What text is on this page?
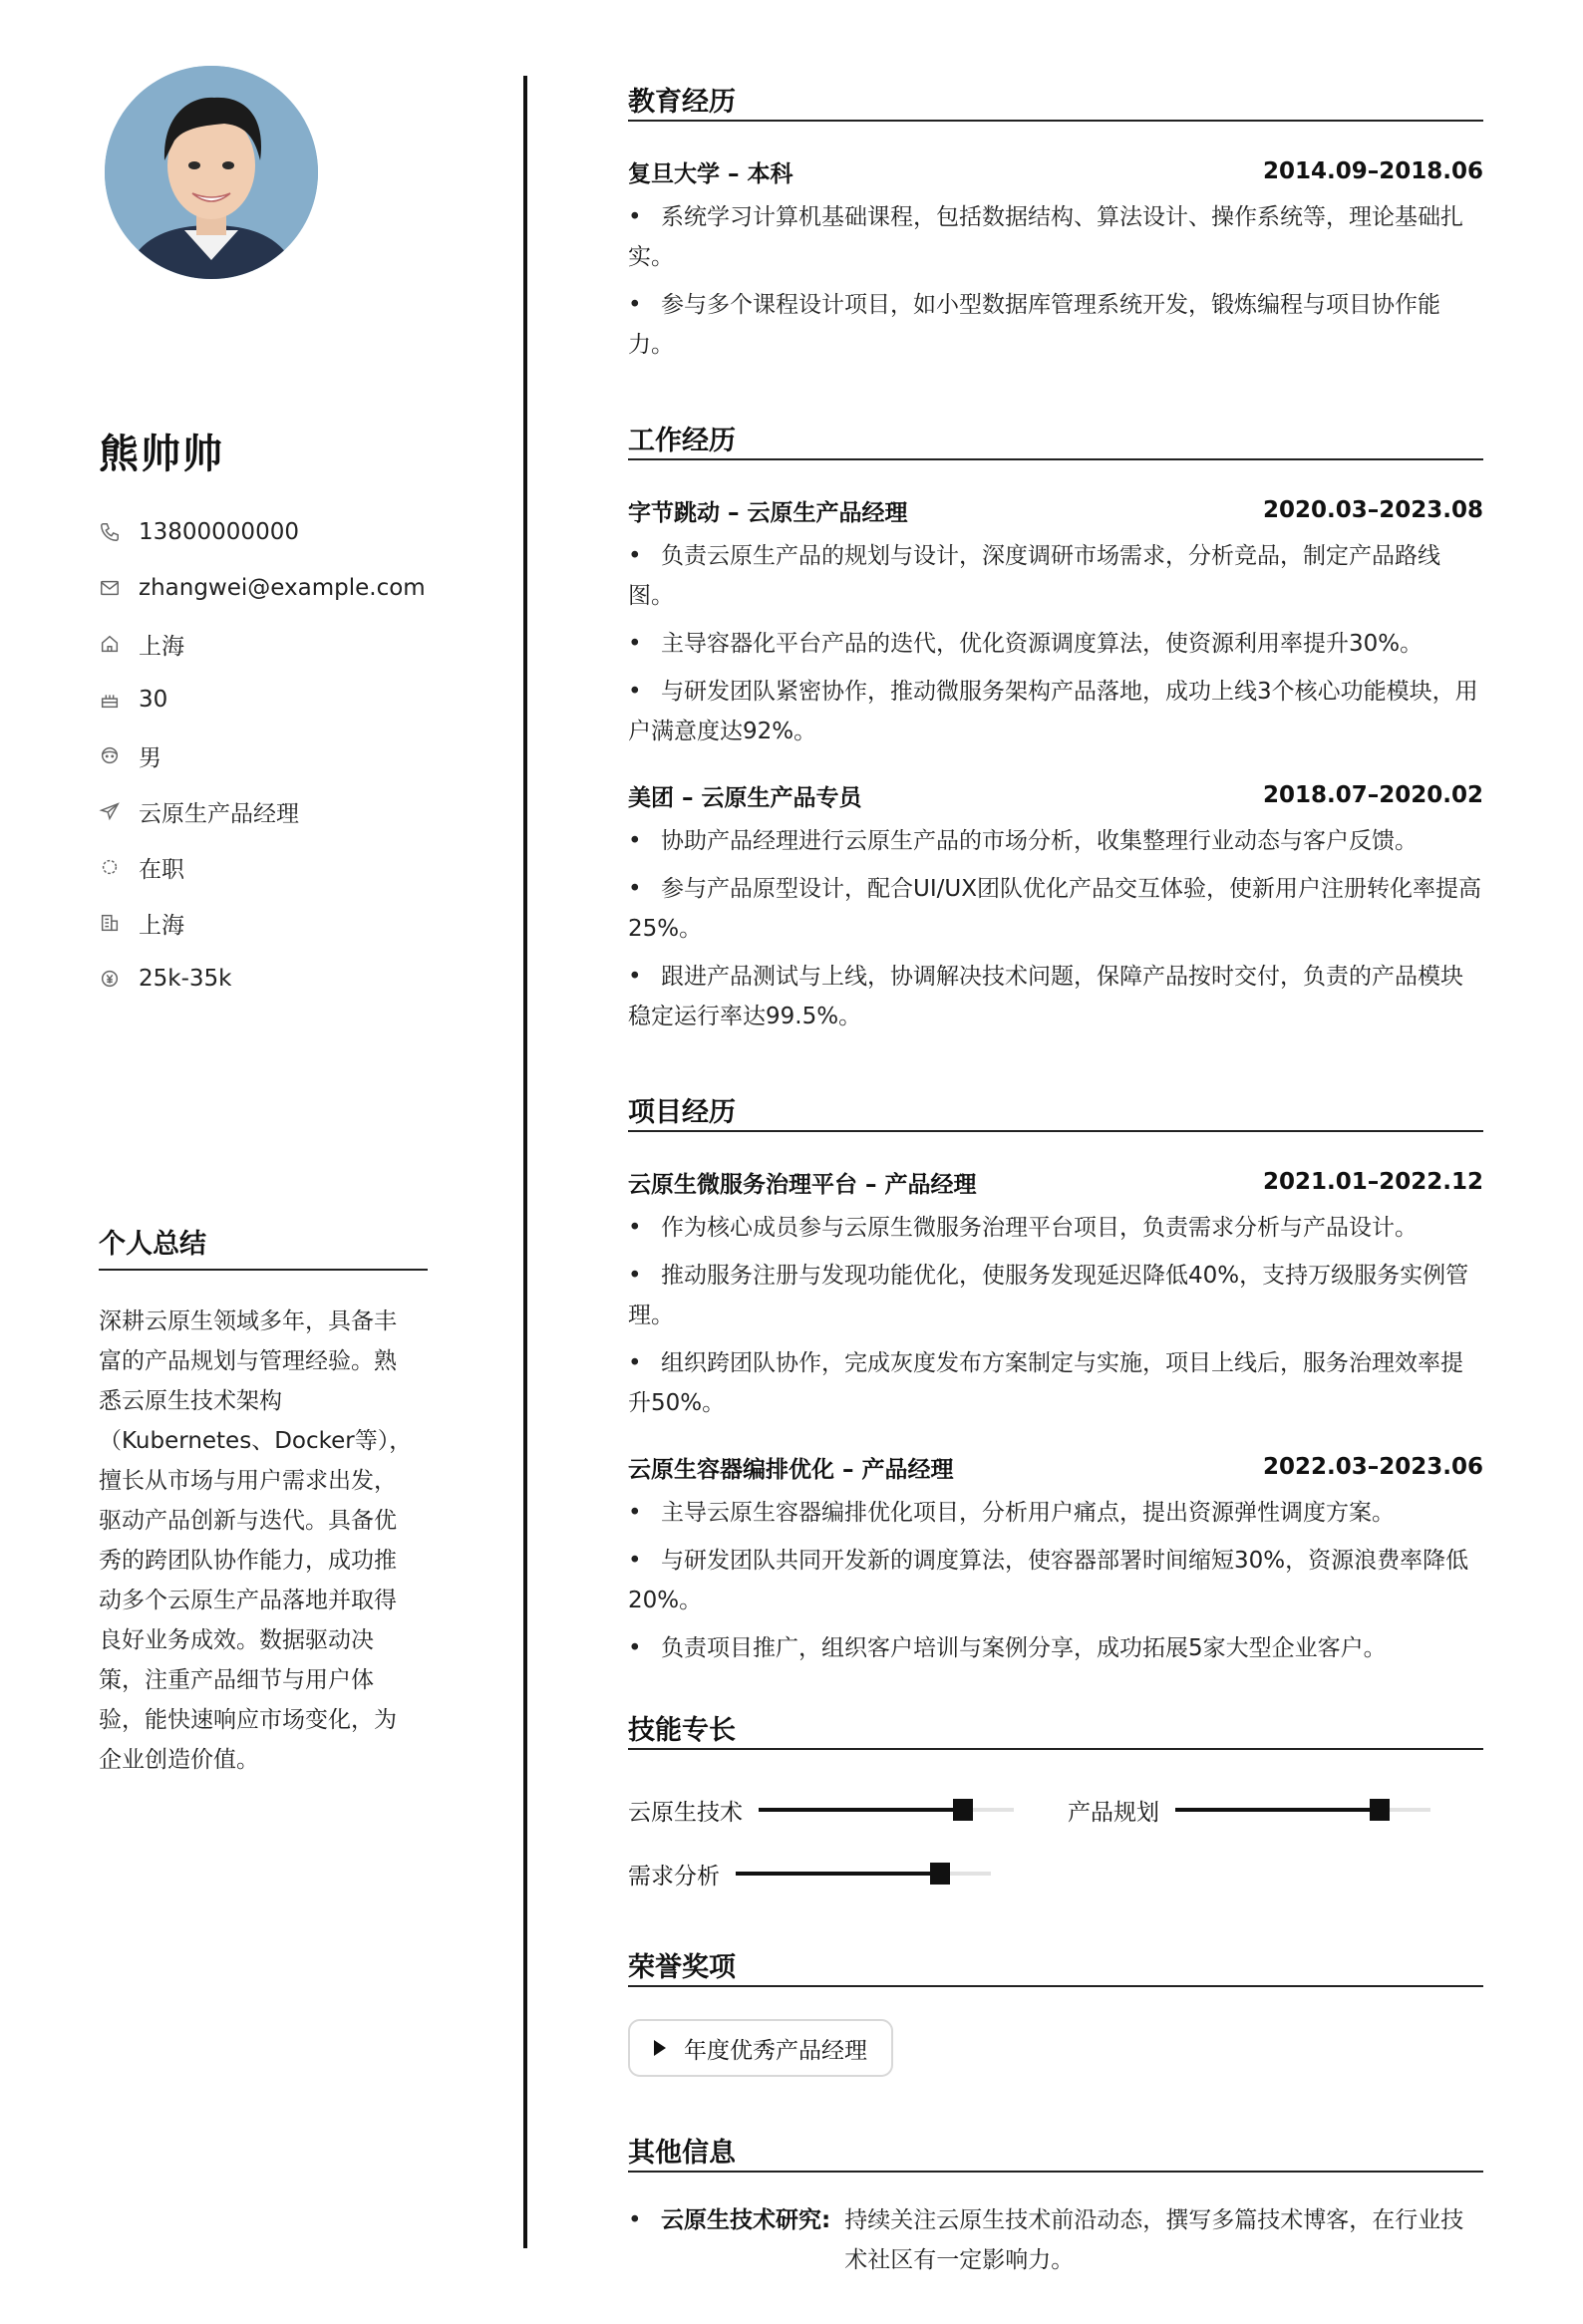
熊帅帅
13800000000
zhangwei@example.com
上海
30
男
云原生产品经理
在职
上海
25k-35k
个人总结
深耕云原生领域多年，具备丰富的产品规划与管理经验。熟悉云原生技术架构（Kubernetes、Docker等），擅长从市场与用户需求出发，驱动产品创新与迭代。具备优秀的跨团队协作能力，成功推动多个云原生产品落地并取得良好业务成效。数据驱动决策，注重产品细节与用户体验，能快速响应市场变化，为企业创造价值。
教育经历
复旦大学 – 本科	2014.09–2018.06
• 系统学习计算机基础课程，包括数据结构、算法设计、操作系统等，理论基础扎实。
• 参与多个课程设计项目，如小型数据库管理系统开发，锻炼编程与项目协作能力。
工作经历
字节跳动 – 云原生产品经理	2020.03–2023.08
• 负责云原生产品的规划与设计，深度调研市场需求，分析竞品，制定产品路线图。
• 主导容器化平台产品的迭代，优化资源调度算法，使资源利用率提升30%。
• 与研发团队紧密协作，推动微服务架构产品落地，成功上线3个核心功能模块，用户满意度达92%。
美团 – 云原生产品专员	2018.07–2020.02
• 协助产品经理进行云原生产品的市场分析，收集整理行业动态与客户反馈。
• 参与产品原型设计，配合UI/UX团队优化产品交互体验，使新用户注册转化率提高25%。
• 跟进产品测试与上线，协调解决技术问题，保障产品按时交付，负责的产品模块稳定运行率达99.5%。
项目经历
云原生微服务治理平台 – 产品经理	2021.01–2022.12
• 作为核心成员参与云原生微服务治理平台项目，负责需求分析与产品设计。
• 推动服务注册与发现功能优化，使服务发现延迟降低40%，支持万级服务实例管理。
• 组织跨团队协作，完成灰度发布方案制定与实施，项目上线后，服务治理效率提升50%。
云原生容器编排优化 – 产品经理	2022.03–2023.06
• 主导云原生容器编排优化项目，分析用户痛点，提出资源弹性调度方案。
• 与研发团队共同开发新的调度算法，使容器部署时间缩短30%，资源浪费率降低20%。
• 负责项目推广，组织客户培训与案例分享，成功拓展5家大型企业客户。
技能专长
云原生技术	产品规划
需求分析
荣誉奖项
年度优秀产品经理
其他信息
• 云原生技术研究: 持续关注云原生技术前沿动态，撰写多篇技术博客，在行业技术社区有一定影响力。
